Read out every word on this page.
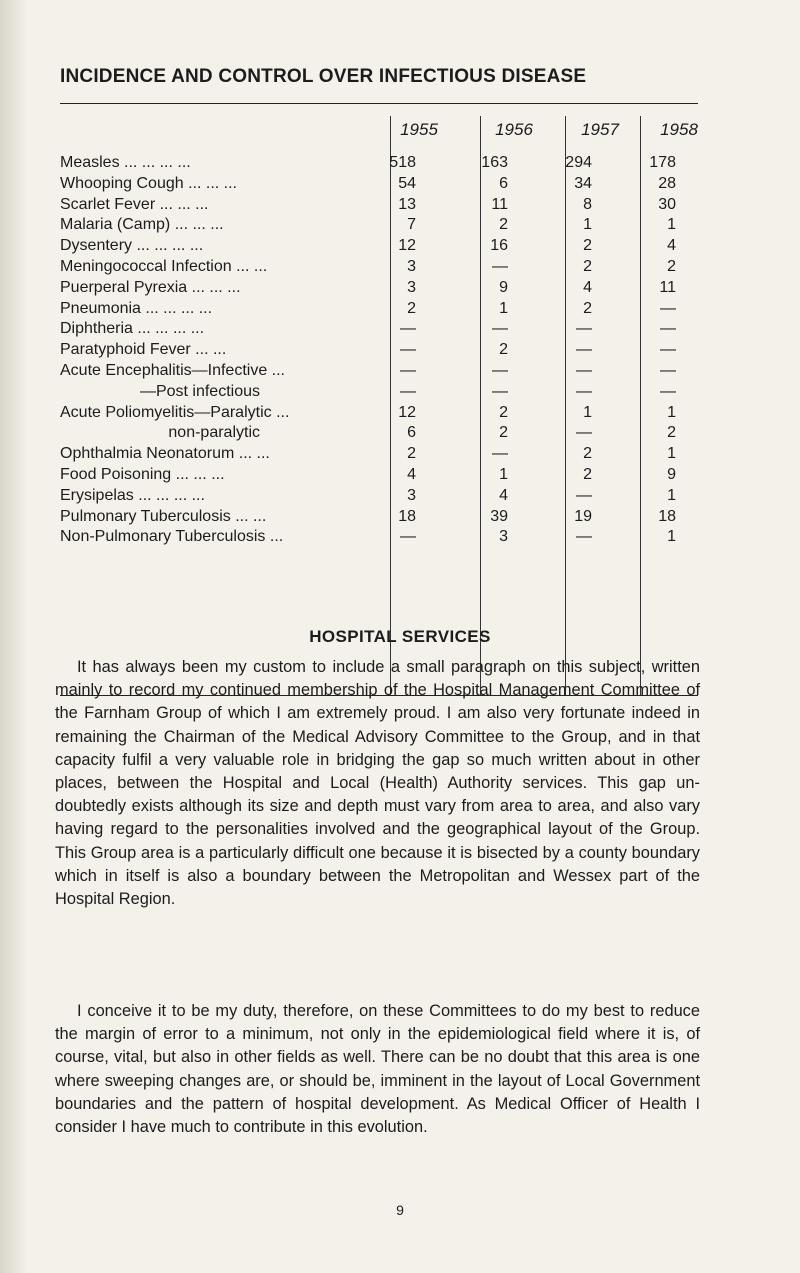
INCIDENCE AND CONTROL OVER INFECTIOUS DISEASE
1955	1956	1957	1958
Measles ... ... ... ...	518	163	294	178
Whooping Cough ... ... ...	54	6	34	28
Scarlet Fever ... ... ...	13	11	8	30
Malaria (Camp) ... ... ...	7	2	1	1
Dysentery ... ... ... ...	12	16	2	4
Meningococcal Infection ... ...	3	—	2	2
Puerperal Pyrexia ... ... ...	3	9	4	11
Pneumonia ... ... ... ...	2	1	2	—
Diphtheria ... ... ... ...	—	—	—	—
Paratyphoid Fever ... ...	—	2	—	—
Acute Encephalitis—Infective ...	—	—	—	—
—Post infectious	—	—	—	—
Acute Poliomyelitis—Paralytic ...	12	2	1	1
non-paralytic	6	2	—	2
Ophthalmia Neonatorum ... ...	2	—	2	1
Food Poisoning ... ... ...	4	1	2	9
Erysipelas ... ... ... ...	3	4	—	1
Pulmonary Tuberculosis ... ...	18	39	19	18
Non-Pulmonary Tuberculosis ...	—	3	—	1
HOSPITAL SERVICES
It has always been my custom to include a small paragraph on this subject, written mainly to record my continued membership of the Hospital Management Committee of the Farnham Group of which I am extremely proud. I am also very fortunate indeed in remaining the Chairman of the Medical Advisory Committee to the Group, and in that capacity fulfil a very valuable role in bridging the gap so much written about in other places, between the Hospital and Local (Health) Authority services. This gap undoubtedly exists although its size and depth must vary from area to area, and also vary having regard to the personalities involved and the geographical layout of the Group. This Group area is a particularly difficult one because it is bisected by a county boundary which in itself is also a boundary between the Metropolitan and Wessex part of the Hospital Region.
I conceive it to be my duty, therefore, on these Committees to do my best to reduce the margin of error to a minimum, not only in the epidemiological field where it is, of course, vital, but also in other fields as well. There can be no doubt that this area is one where sweeping changes are, or should be, imminent in the layout of Local Government boundaries and the pattern of hospital development. As Medical Officer of Health I consider I have much to contribute in this evolution.
9
